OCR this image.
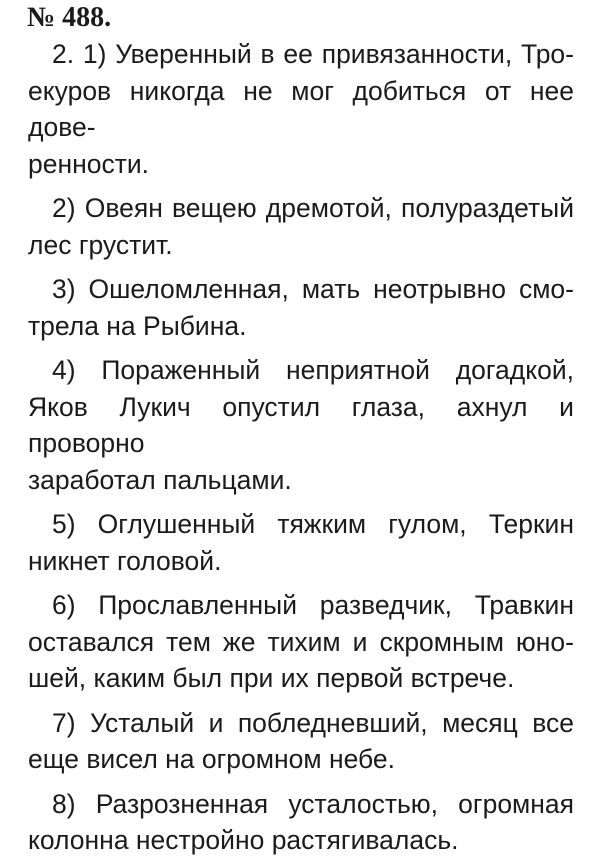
№ 488.
2. 1) Уверенный в ее привязанности, Тро-
екуров никогда не мог добиться от нее дове-
ренности.
2) Овеян вещею дремотой, полураздетый
лес грустит.
3) Ошеломленная, мать неотрывно смо-
трела на Рыбина.
4) Пораженный неприятной догадкой,
Яков Лукич опустил глаза, ахнул и проворно
заработал пальцами.
5) Оглушенный тяжким гулом, Теркин
никнет головой.
6) Прославленный разведчик, Травкин
оставался тем же тихим и скромным юно-
шей, каким был при их первой встрече.
7) Усталый и побледневший, месяц все
еще висел на огромном небе.
8) Разрозненная усталостью, огромная
колонна нестройно растягивалась.
